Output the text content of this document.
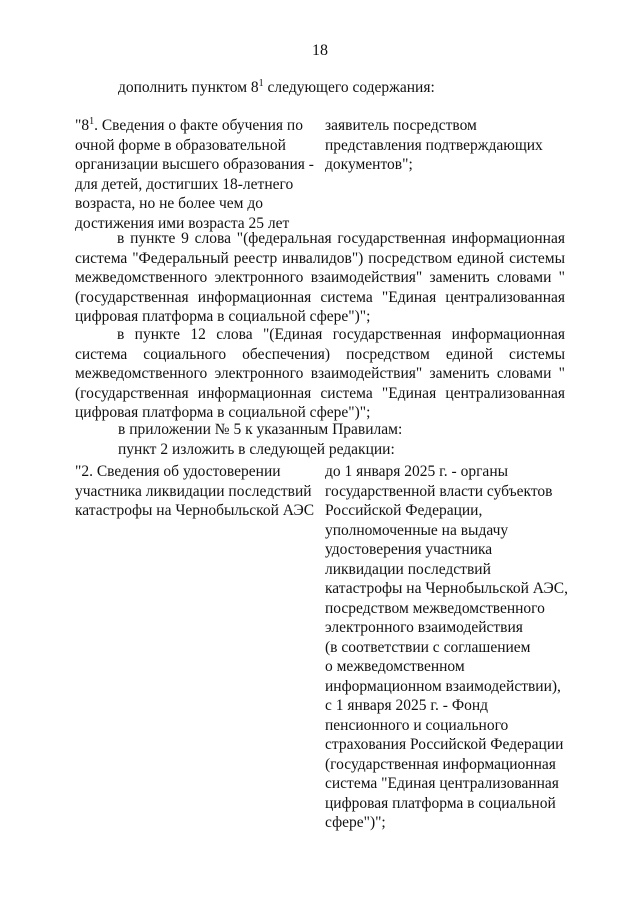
18
дополнить пунктом $8^1$ следующего содержания:
"$8^1$. Сведения о факте обучения по
очной форме в образовательной
организации высшего образования -
для детей, достигших 18-летнего
возраста, но не более чем до
достижения ими возраста 25 лет
заявитель посредством
представления подтверждающих
документов";
в пункте 9 слова "(федеральная государственная информационная система "Федеральный реестр инвалидов") посредством единой системы межведомственного электронного взаимодействия" заменить словами "(государственная информационная система "Единая централизованная цифровая платформа в социальной сфере")";
в пункте 12 слова "(Единая государственная информационная система социального обеспечения) посредством единой системы межведомственного электронного взаимодействия" заменить словами "(государственная информационная система "Единая централизованная цифровая платформа в социальной сфере")";
в приложении № 5 к указанным Правилам:
пункт 2 изложить в следующей редакции:
"2. Сведения об удостоверении
участника ликвидации последствий
катастрофы на Чернобыльской АЭС
до 1 января 2025 г. - органы
государственной власти субъектов
Российской Федерации,
уполномоченные на выдачу
удостоверения участника
ликвидации последствий
катастрофы на Чернобыльской АЭС,
посредством межведомственного
электронного взаимодействия
(в соответствии с соглашением
о межведомственном
информационном взаимодействии),
с 1 января 2025 г. - Фонд
пенсионного и социального
страхования Российской Федерации
(государственная информационная
система "Единая централизованная
цифровая платформа в социальной
сфере")";
